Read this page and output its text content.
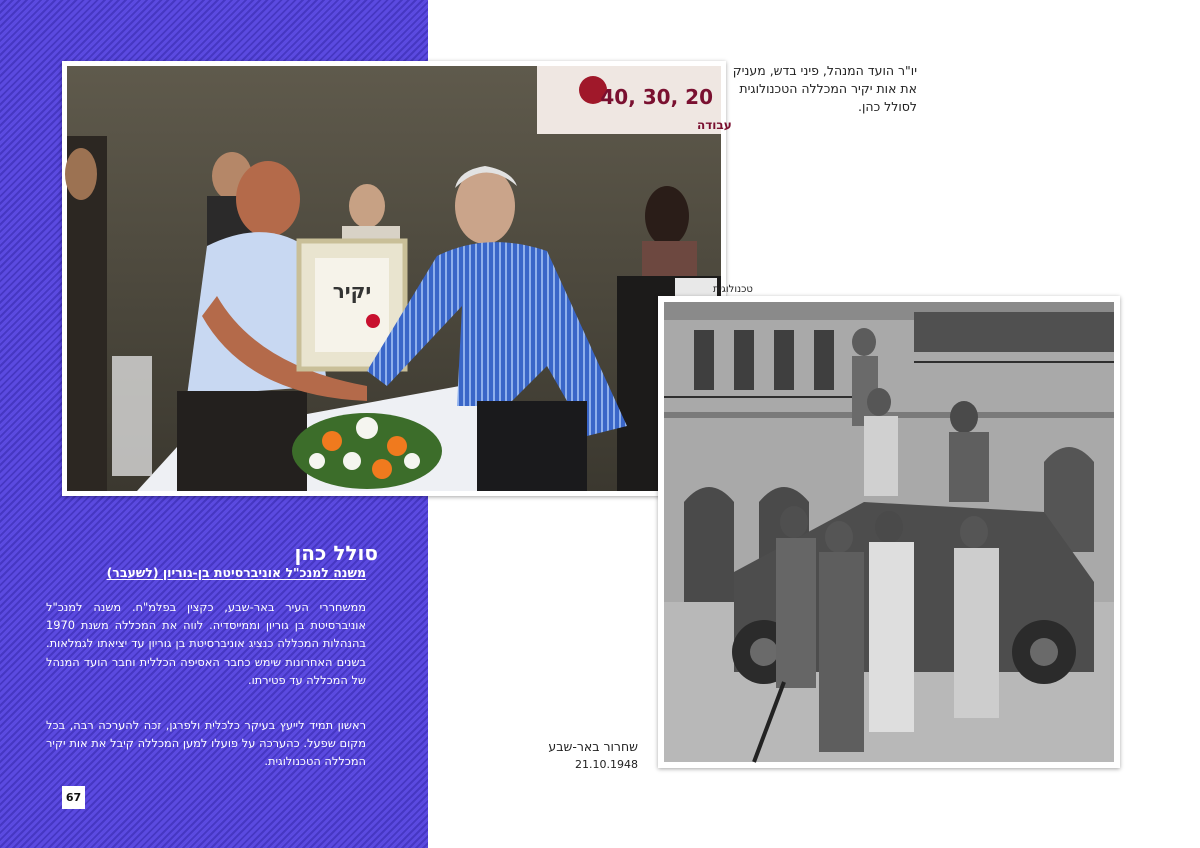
40, 30, 20
עבודה
טכנולוגית
יקיר
סולל כהן
משנה למנכ"ל אוניברסיטת בן-גוריון (לשעבר)
ממשחררי העיר באר-שבע, כקצין בפלמ"ח. משנה למנכ"ל אוניברסיטת בן גוריון וממייסדיה. לווה את המכללה משנת 1970 בהנהלות המכללה כנציג אוניברסיטת בן גוריון עד יציאתו לגמלאות. בשנים האחרונות שימש כחבר האסיפה הכללית וחבר הועד המנהל של המכללה עד פטירתו.
ראשון תמיד לייעץ בעיקר כלכלית ולפרגן, זכה להערכה רבה, בכל מקום שפעל. כהערכה על פועלו למען המכללה קיבל את אות יקיר המכללה הטכנולוגית.
67
יו"ר הועד המנהל, פיני בדש, מעניק את אות יקיר המכללה הטכנולוגית לסולל כהן.
שחרור באר-שבע
21.10.1948
